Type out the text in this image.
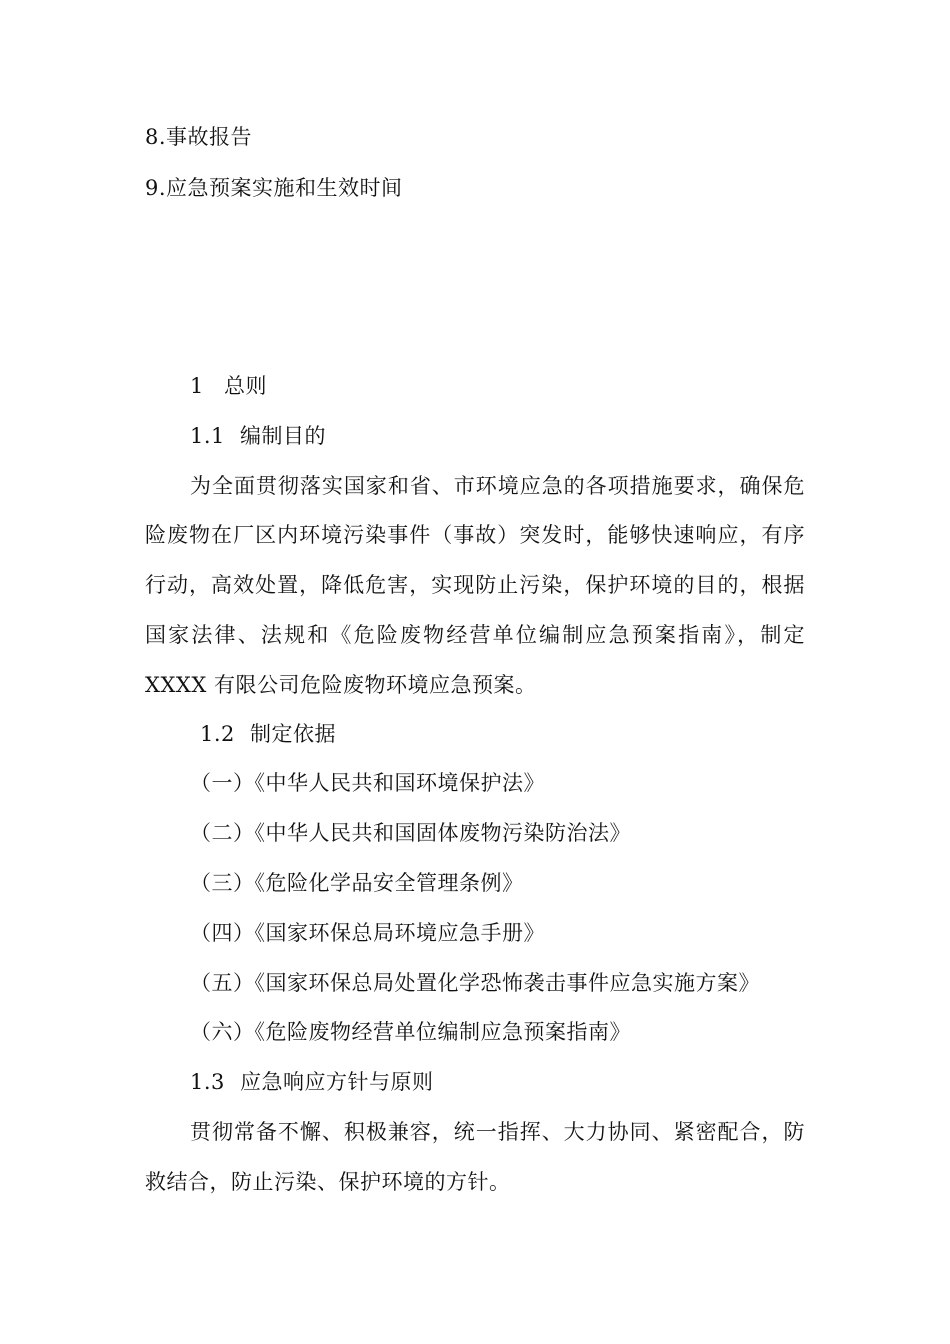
8.事故报告
9.应急预案实施和生效时间
1 总则
1.1 编制目的
为全面贯彻落实国家和省、市环境应急的各项措施要求，确保危
险废物在厂区内环境污染事件（事故）突发时，能够快速响应，有序
行动，高效处置，降低危害，实现防止污染，保护环境的目的，根据
国家法律、法规和《危险废物经营单位编制应急预案指南》，制定
XXXX 有限公司危险废物环境应急预案。
1.2 制定依据
（一）《中华人民共和国环境保护法》
（二）《中华人民共和国固体废物污染防治法》
（三）《危险化学品安全管理条例》
（四）《国家环保总局环境应急手册》
（五）《国家环保总局处置化学恐怖袭击事件应急实施方案》
（六）《危险废物经营单位编制应急预案指南》
1.3 应急响应方针与原则
贯彻常备不懈、积极兼容，统一指挥、大力协同、紧密配合，防
救结合，防止污染、保护环境的方针。
